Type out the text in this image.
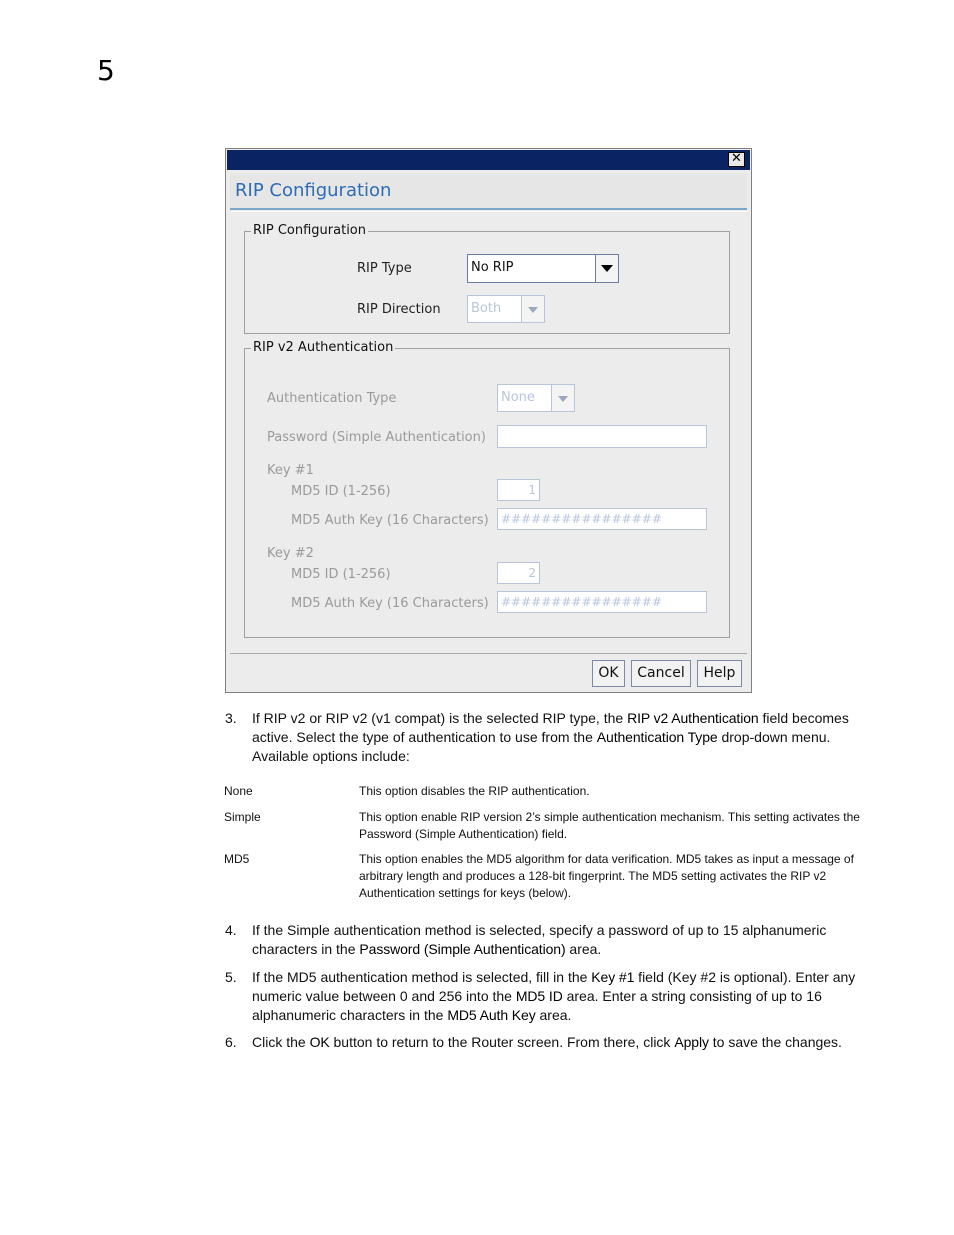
5
✕
RIP Configuration
RIP Configuration
RIP Type	No RIP
RIP Direction Both
RIP v2 Authentication
Authentication Type	None
Password (Simple Authentication)
Key #1
MD5 ID (1-256)	1
MD5 Auth Key (16 Characters)	################
Key #2
MD5 ID (1-256)	2
MD5 Auth Key (16 Characters)	################
OK	Cancel	Help
3. If RIP v2 or RIP v2 (v1 compat) is the selected RIP type, the RIP v2 Authentication field becomes active. Select the type of authentication to use from the Authentication Type drop-down menu. Available options include:
None	This option disables the RIP authentication.
Simple	This option enable RIP version 2’s simple authentication mechanism. This setting activates the Password (Simple Authentication) field.
MD5	This option enables the MD5 algorithm for data verification. MD5 takes as input a message of arbitrary length and produces a 128-bit fingerprint. The MD5 setting activates the RIP v2 Authentication settings for keys (below).
4. If the Simple authentication method is selected, specify a password of up to 15 alphanumeric characters in the Password (Simple Authentication) area.
5. If the MD5 authentication method is selected, fill in the Key #1 field (Key #2 is optional). Enter any numeric value between 0 and 256 into the MD5 ID area. Enter a string consisting of up to 16 alphanumeric characters in the MD5 Auth Key area.
6. Click the OK button to return to the Router screen. From there, click Apply to save the changes.
